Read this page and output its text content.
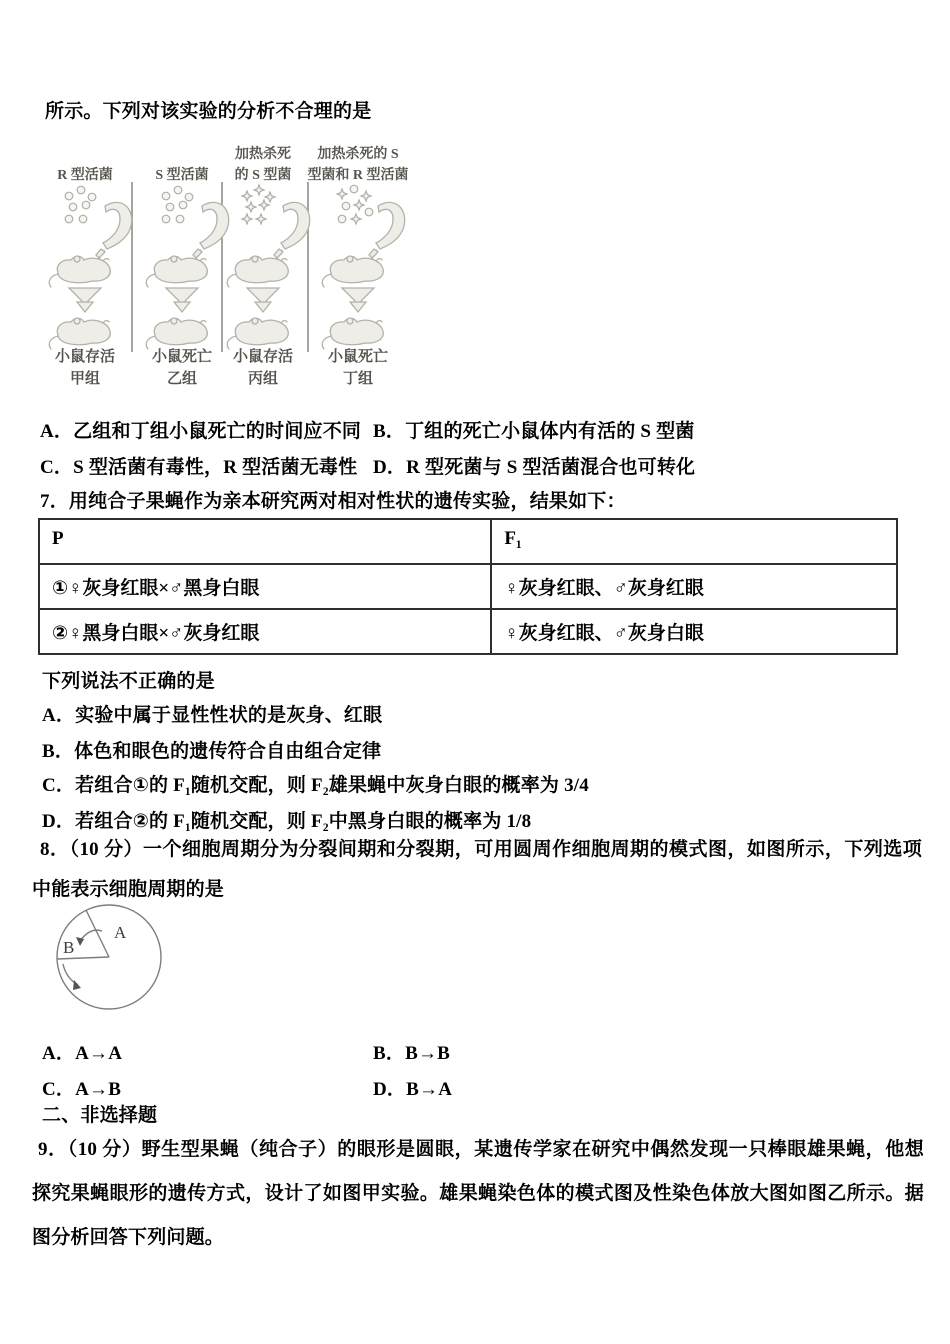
所示。下列对该实验的分析不合理的是
R 型活菌
小鼠存活
甲组
S 型活菌
小鼠死亡
乙组
加热杀死
的 S 型菌
小鼠存活
丙组
加热杀死的 S
型菌和 R 型活菌
小鼠死亡
丁组
A．乙组和丁组小鼠死亡的时间应不同 B．丁组的死亡小鼠体内有活的 S 型菌
C．S 型活菌有毒性，R 型活菌无毒性 D．R 型死菌与 S 型活菌混合也可转化
7．用纯合子果蝇作为亲本研究两对相对性状的遗传实验，结果如下：
P	F₁
①♀灰身红眼×♂黑身白眼	♀灰身红眼、♂灰身红眼
②♀黑身白眼×♂灰身红眼	♀灰身红眼、♂灰身白眼
下列说法不正确的是
A．实验中属于显性性状的是灰身、红眼
B．体色和眼色的遗传符合自由组合定律
C．若组合①的 F₁随机交配，则 F₂雄果蝇中灰身白眼的概率为 3/4
D．若组合②的 F₁随机交配，则 F₂中黑身白眼的概率为 1/8
8．（10 分）一个细胞周期分为分裂间期和分裂期，可用圆周作细胞周期的模式图，如图所示，下列选项中能表示细胞周期的是
A
B
A．A→A	B．B→B
C．A→B	D．B→A
二、非选择题
9．（10 分）野生型果蝇（纯合子）的眼形是圆眼，某遗传学家在研究中偶然发现一只棒眼雄果蝇，他想探究果蝇眼形的遗传方式，设计了如图甲实验。雄果蝇染色体的模式图及性染色体放大图如图乙所示。据图分析回答下列问题。
